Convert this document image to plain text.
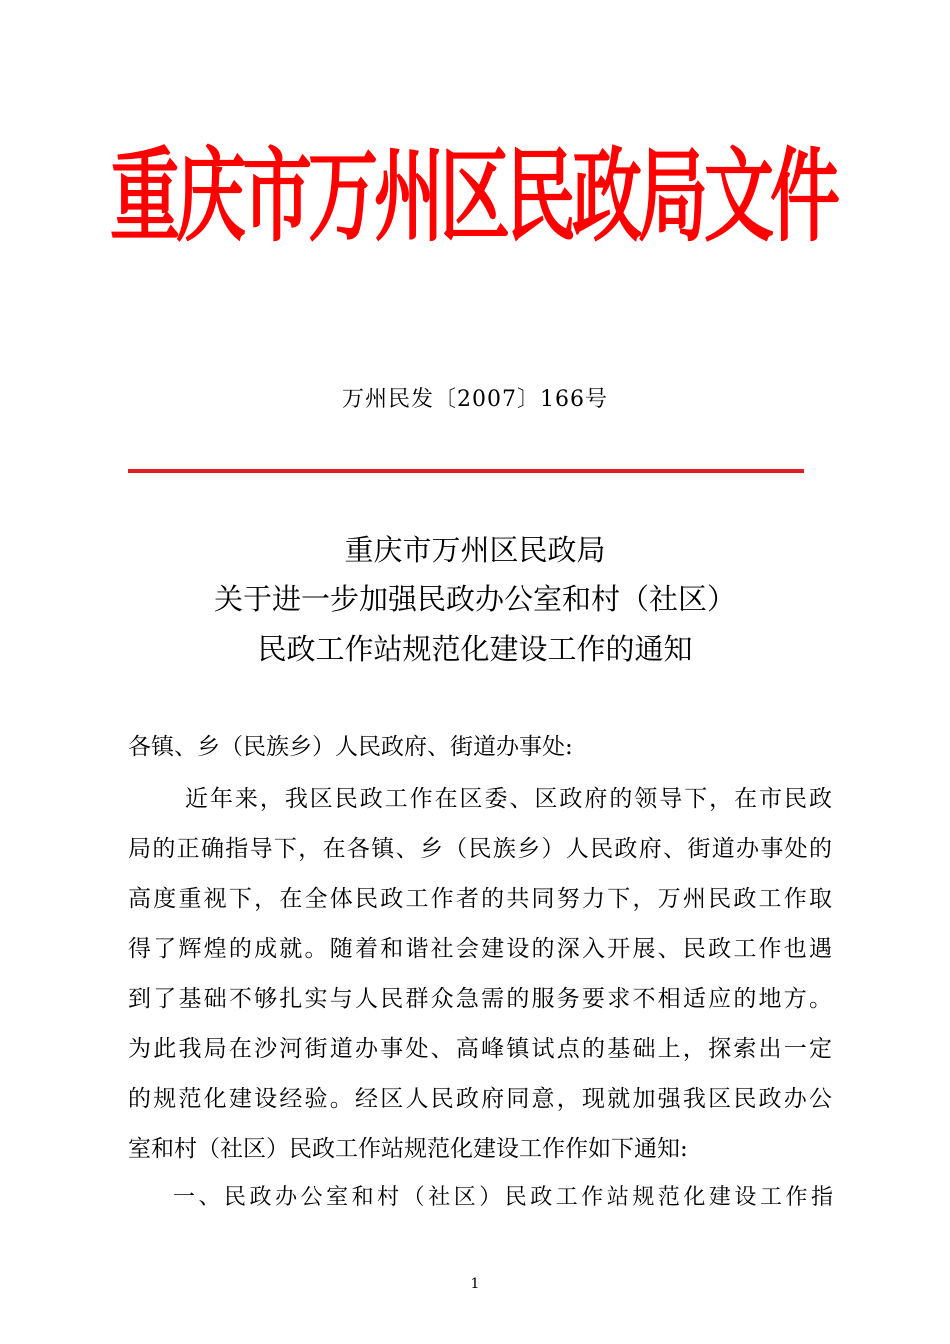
重庆市万州区民政局文件
万州民发〔2007〕166号
重庆市万州区民政局
关于进一步加强民政办公室和村（社区）
民政工作站规范化建设工作的通知
各镇、乡（民族乡）人民政府、街道办事处:
近年来，我区民政工作在区委、区政府的领导下，在市民政
局的正确指导下，在各镇、乡（民族乡）人民政府、街道办事处的
高度重视下，在全体民政工作者的共同努力下，万州民政工作取
得了辉煌的成就。随着和谐社会建设的深入开展、民政工作也遇
到了基础不够扎实与人民群众急需的服务要求不相适应的地方。
为此我局在沙河街道办事处、高峰镇试点的基础上，探索出一定
的规范化建设经验。经区人民政府同意，现就加强我区民政办公
室和村（社区）民政工作站规范化建设工作作如下通知:
一、民政办公室和村（社区）民政工作站规范化建设工作指
1
